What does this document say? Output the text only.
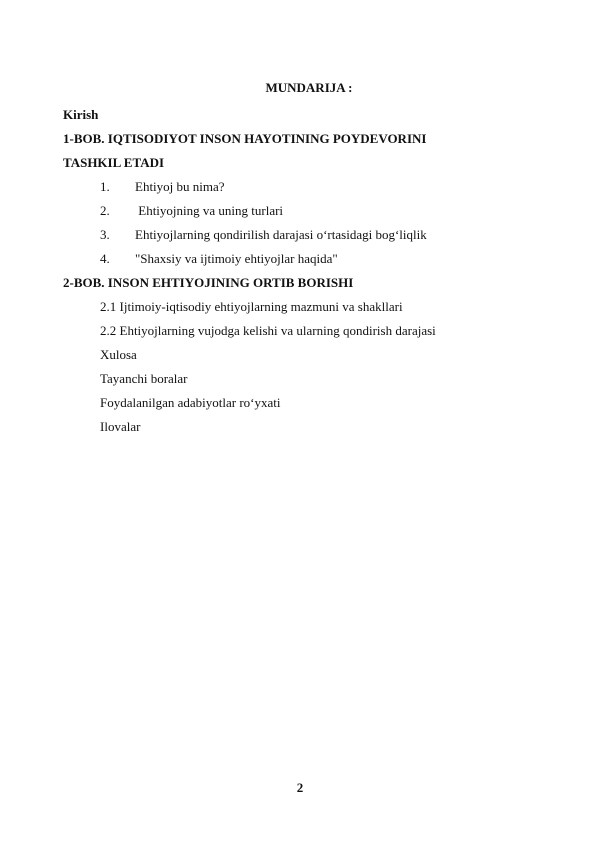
MUNDARIJA :
Kirish
1-BOB. IQTISODIYOT INSON HAYOTINING POYDEVORINI
TASHKIL ETADI
1. Ehtiyoj bu nima?
2. Ehtiyojning va uning turlari
3. Ehtiyojlarning qondirilish darajasi o‘rtasidagi bog‘liqlik
4. "Shaxsiy va ijtimoiy ehtiyojlar haqida"
2-BOB. INSON EHTIYOJINING ORTIB BORISHI
2.1 Ijtimoiy-iqtisodiy ehtiyojlarning mazmuni va shakllari
2.2 Ehtiyojlarning vujodga kelishi va ularning qondirish darajasi
Xulosa
Tayanchi boralar
Foydalanilgan adabiyotlar ro‘yxati
Ilovalar
2
